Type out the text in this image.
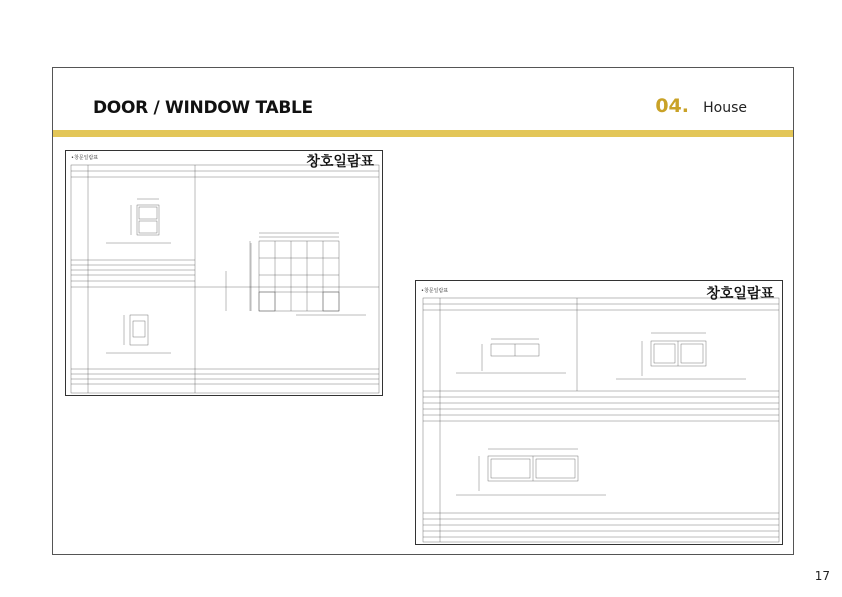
DOOR / WINDOW TABLE	04. House
•창문일람표	창호일람표
•창문일람표	창호일람표
17
